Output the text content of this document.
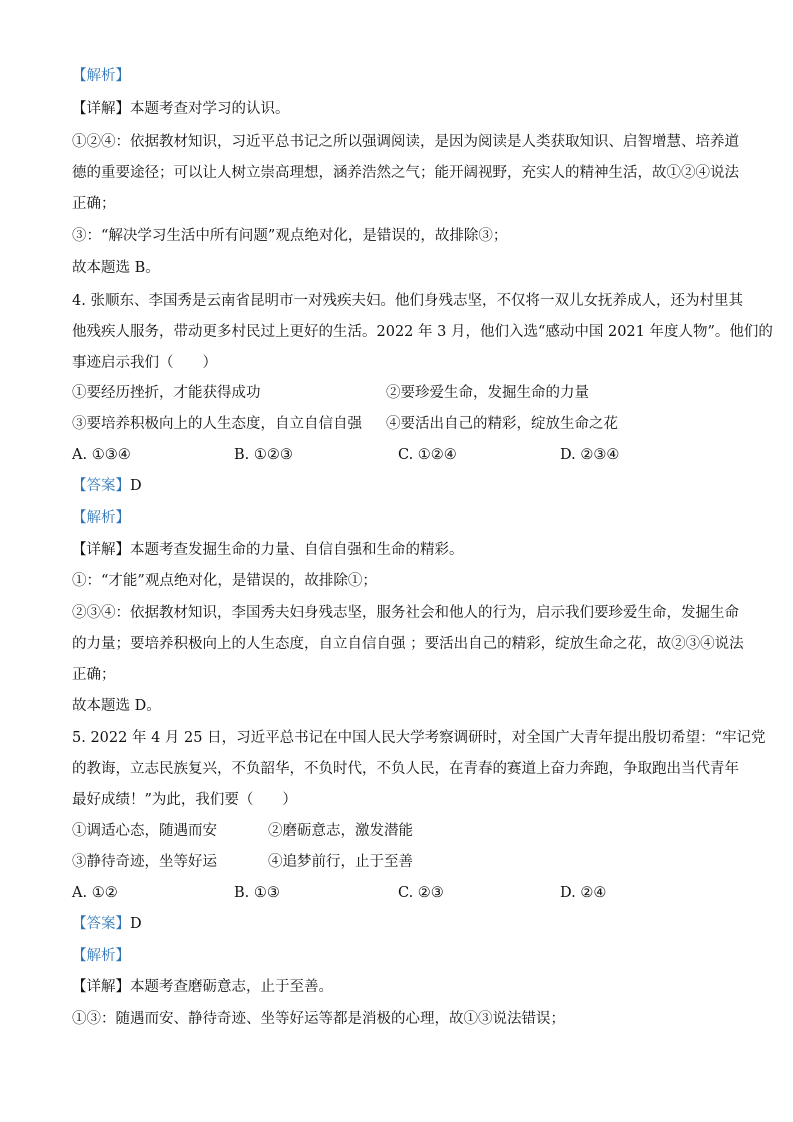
【解析】
【详解】本题考查对学习的认识。
①②④：依据教材知识，习近平总书记之所以强调阅读，是因为阅读是人类获取知识、启智增慧、培养道
德的重要途径；可以让人树立崇高理想，涵养浩然之气；能开阔视野，充实人的精神生活，故①②④说法
正确；
③：“解决学习生活中所有问题”观点绝对化，是错误的，故排除③；
故本题选 B。
4. 张顺东、李国秀是云南省昆明市一对残疾夫妇。他们身残志坚，不仅将一双儿女抚养成人，还为村里其
他残疾人服务，带动更多村民过上更好的生活。2022 年 3 月，他们入选“感动中国 2021 年度人物”。他们的
事迹启示我们（　　）
①要经历挫折，才能获得成功	②要珍爱生命，发掘生命的力量
③要培养积极向上的人生态度，自立自信自强 ④要活出自己的精彩，绽放生命之花
A. ①③④	B. ①②③	C. ①②④	D. ②③④
【答案】D
【解析】
【详解】本题考查发掘生命的力量、自信自强和生命的精彩。
①：“才能”观点绝对化，是错误的，故排除①；
②③④：依据教材知识，李国秀夫妇身残志坚，服务社会和他人的行为，启示我们要珍爱生命，发掘生命
的力量；要培养积极向上的人生态度，自立自信自强 ；要活出自己的精彩，绽放生命之花，故②③④说法
正确；
故本题选 D。
5. 2022 年 4 月 25 日，习近平总书记在中国人民大学考察调研时，对全国广大青年提出殷切希望：“牢记党
的教诲，立志民族复兴，不负韶华，不负时代，不负人民，在青春的赛道上奋力奔跑，争取跑出当代青年
最好成绩！”为此，我们要（　　）
①调适心态，随遇而安	②磨砺意志，激发潜能
③静待奇迹，坐等好运	④追梦前行，止于至善
A. ①②	B. ①③	C. ②③	D. ②④
【答案】D
【解析】
【详解】本题考查磨砺意志，止于至善。
①③：随遇而安、静待奇迹、坐等好运等都是消极的心理，故①③说法错误；
